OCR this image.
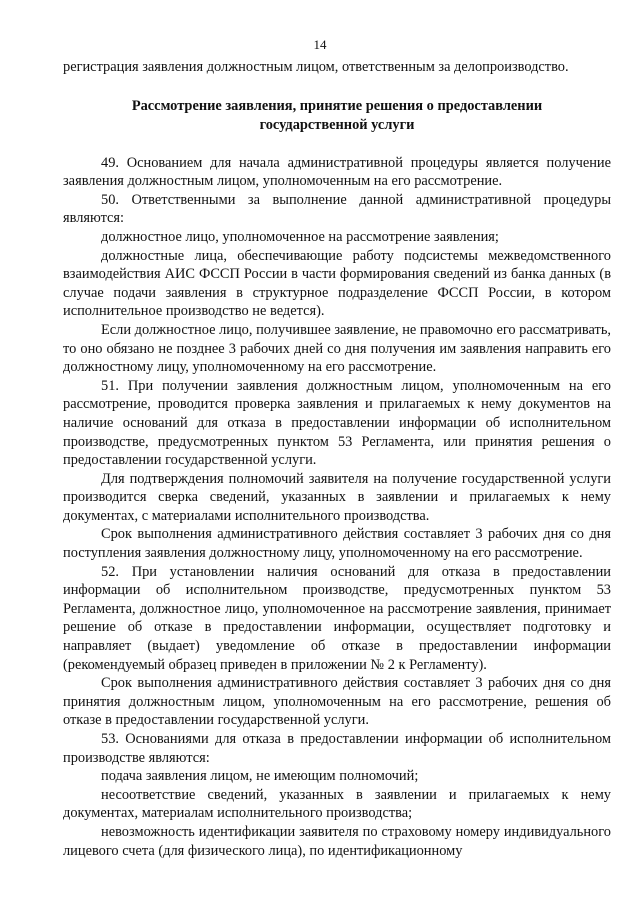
14

регистрация заявления должностным лицом, ответственным за делопроизводство.

Рассмотрение заявления, принятие решения о предоставлении государственной услуги

49. Основанием для начала административной процедуры является получение заявления должностным лицом, уполномоченным на его рассмотрение.

50. Ответственными за выполнение данной административной процедуры являются:

должностное лицо, уполномоченное на рассмотрение заявления;

должностные лица, обеспечивающие работу подсистемы межведомственного взаимодействия АИС ФССП России в части формирования сведений из банка данных (в случае подачи заявления в структурное подразделение ФССП России, в котором исполнительное производство не ведется).

Если должностное лицо, получившее заявление, не правомочно его рассматривать, то оно обязано не позднее 3 рабочих дней со дня получения им заявления направить его должностному лицу, уполномоченному на его рассмотрение.

51. При получении заявления должностным лицом, уполномоченным на его рассмотрение, проводится проверка заявления и прилагаемых к нему документов на наличие оснований для отказа в предоставлении информации об исполнительном производстве, предусмотренных пунктом 53 Регламента, или принятия решения о предоставлении государственной услуги.

Для подтверждения полномочий заявителя на получение государственной услуги производится сверка сведений, указанных в заявлении и прилагаемых к нему документах, с материалами исполнительного производства.

Срок выполнения административного действия составляет 3 рабочих дня со дня поступления заявления должностному лицу, уполномоченному на его рассмотрение.

52. При установлении наличия оснований для отказа в предоставлении информации об исполнительном производстве, предусмотренных пунктом 53 Регламента, должностное лицо, уполномоченное на рассмотрение заявления, принимает решение об отказе в предоставлении информации, осуществляет подготовку и направляет (выдает) уведомление об отказе в предоставлении информации (рекомендуемый образец приведен в приложении № 2 к Регламенту).

Срок выполнения административного действия составляет 3 рабочих дня со дня принятия должностным лицом, уполномоченным на его рассмотрение, решения об отказе в предоставлении государственной услуги.

53. Основаниями для отказа в предоставлении информации об исполнительном производстве являются:

подача заявления лицом, не имеющим полномочий;

несоответствие сведений, указанных в заявлении и прилагаемых к нему документах, материалам исполнительного производства;

невозможность идентификации заявителя по страховому номеру индивидуального лицевого счета (для физического лица), по идентификационному
